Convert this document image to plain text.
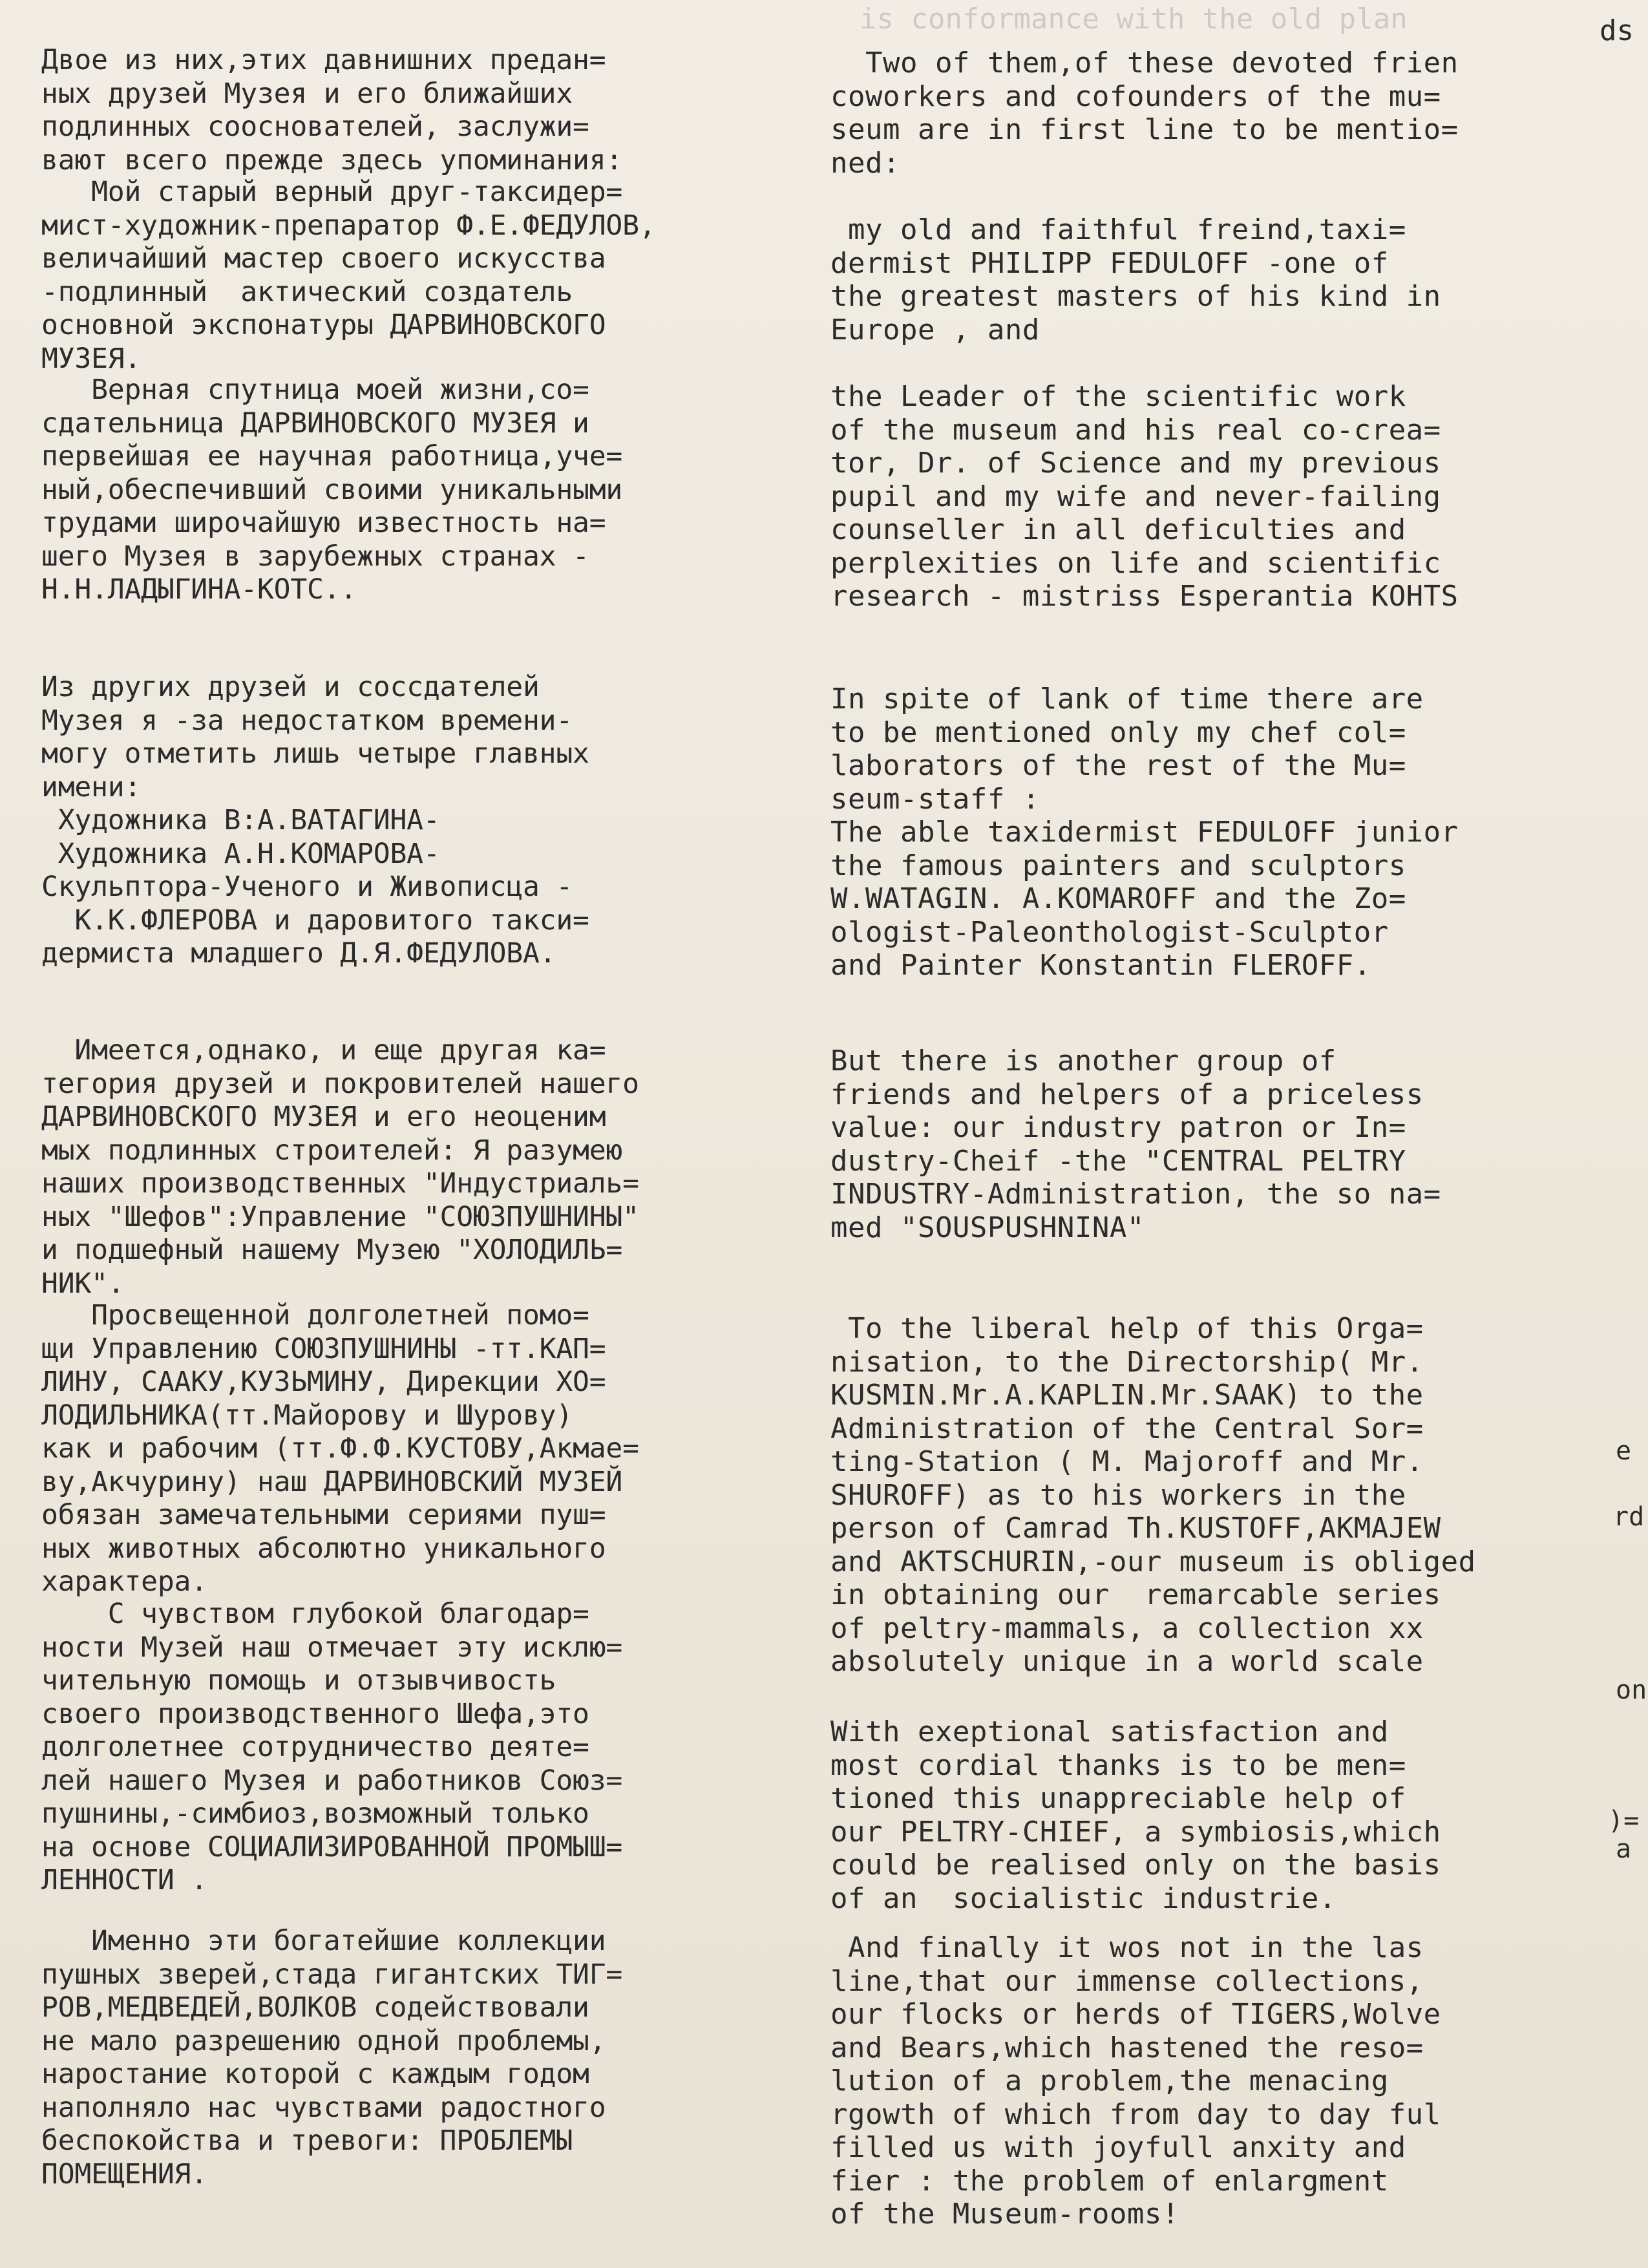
ds

is conformance with the old plan

Двое из них,этих давнишних предан=
ных друзей Музея и его ближайших
подлинных сооснователей, заслужи=
вают всего прежде здесь упоминания:

Мой старый верный друг-таксидер=
мист-художник-препаратор Ф.Е.ФЕДУЛОВ,
величайший мастер своего искусства
-подлинный  актический создатель
основной экспонатуры ДАРВИНОВСКОГО
МУЗЕЯ.

Верная спутница моей жизни,со=
сдательница ДАРВИНОВСКОГО МУЗЕЯ и
первейшая ее научная работница,уче=
ный,обеспечивший своими уникальными
трудами широчайшую известность на=
шего Музея в зарубежных странах -
Н.Н.ЛАДЫГИНА-КОТС..

Из других друзей и соссдателей
Музея я -за недостатком времени-
могу отметить лишь четыре главных
имени:
Художника В:А.ВАТАГИНА-
Художника А.Н.КОМАРОВА-
Скульптора-Ученого и Живописца -
К.К.ФЛЕРОВА и даровитого такси=
дермиста младшего Д.Я.ФЕДУЛОВА.

Имеется,однако, и еще другая ка=
тегория друзей и покровителей нашего
ДАРВИНОВСКОГО МУЗЕЯ и его неоценим
мых подлинных строителей: Я разумею
наших производственных "Индустриаль=
ных "Шефов":Управление "СОЮЗПУШНИНЫ"
и подшефный нашему Музею "ХОЛОДИЛЬ=
НИК".

Просвещенной долголетней помо=
щи Управлению СОЮЗПУШНИНЫ -тт.КАП=
ЛИНУ, СААКУ,КУЗЬМИНУ, Дирекции ХО=
ЛОДИЛЬНИКА(тт.Майорову и Шурову)
как и рабочим (тт.Ф.Ф.КУСТОВУ,Акмае=
ву,Акчурину) наш ДАРВИНОВСКИЙ МУЗЕЙ
обязан замечательными сериями пуш=
ных животных абсолютно уникального
характера.

С чувством глубокой благодар=
ности Музей наш отмечает эту исклю=
чительную помощь и отзывчивость
своего производственного Шефа,это
долголетнее сотрудничество деяте=
лей нашего Музея и работников Союз=
пушнины,-симбиоз,возможный только
на основе СОЦИАЛИЗИРОВАННОЙ ПРОМЫШ=
ЛЕННОСТИ .

Именно эти богатейшие коллекции
пушных зверей,стада гигантских ТИГ=
РОВ,МЕДВЕДЕЙ,ВОЛКОВ содействовали
не мало разрешению одной проблемы,
наростание которой с каждым годом
наполняло нас чувствами радостного
беспокойства и тревоги: ПРОБЛЕМЫ
ПОМЕЩЕНИЯ.

Two of them,of these devoted frien
coworkers and cofounders of the mu=
seum are in first line to be mentio=
ned:

my old and faithful freind,taxi=
dermist PHILIPP FEDULOFF -one of
the greatest masters of his kind in
Europe , and

the Leader of the scientific work
of the museum and his real co-crea=
tor, Dr. of Science and my previous
pupil and my wife and never-failing
counseller in all deficulties and
perplexities on life and scientific
research - mistriss Esperantia KOHTS

In spite of lank of time there are
to be mentioned only my chef col=
laborators of the rest of the Mu=
seum-staff :
The able taxidermist FEDULOFF junior
the famous painters and sculptors
W.WATAGIN. A.KOMAROFF and the Zo=
ologist-Paleonthologist-Sculptor
and Painter Konstantin FLEROFF.

But there is another group of
friends and helpers of a priceless
value: our industry patron or In=
dustry-Cheif -the "CENTRAL PELTRY
INDUSTRY-Administration, the so na=
med "SOUSPUSHNINA"

To the liberal help of this Orga=
nisation, to the Directorship( Mr.
KUSMIN.Mr.A.KAPLIN.Mr.SAAK) to the
Administration of the Central Sor=
ting-Station ( M. Majoroff and Mr.
SHUROFF) as to his workers in the
person of Camrad Th.KUSTOFF,AKMAJEW
and AKTSCHURIN,-our museum is obliged
in obtaining our  remarcable series
of peltry-mammals, a collection xx
absolutely unique in a world scale

With exeptional satisfaction and
most cordial thanks is to be men=
tioned this unappreciable help of
our PELTRY-CHIEF, a symbiosis,which
could be realised only on the basis
of an  socialistic industrie.

And finally it wos not in the las
line,that our immense collections,
our flocks or herds of TIGERS,Wolve
and Bears,which hastened the reso=
lution of a problem,the menacing
rgowth of which from day to day ful
filled us with joyfull anxity and
fier : the problem of enlargment
of the Museum-rooms!

e

rd

on

)=

a
